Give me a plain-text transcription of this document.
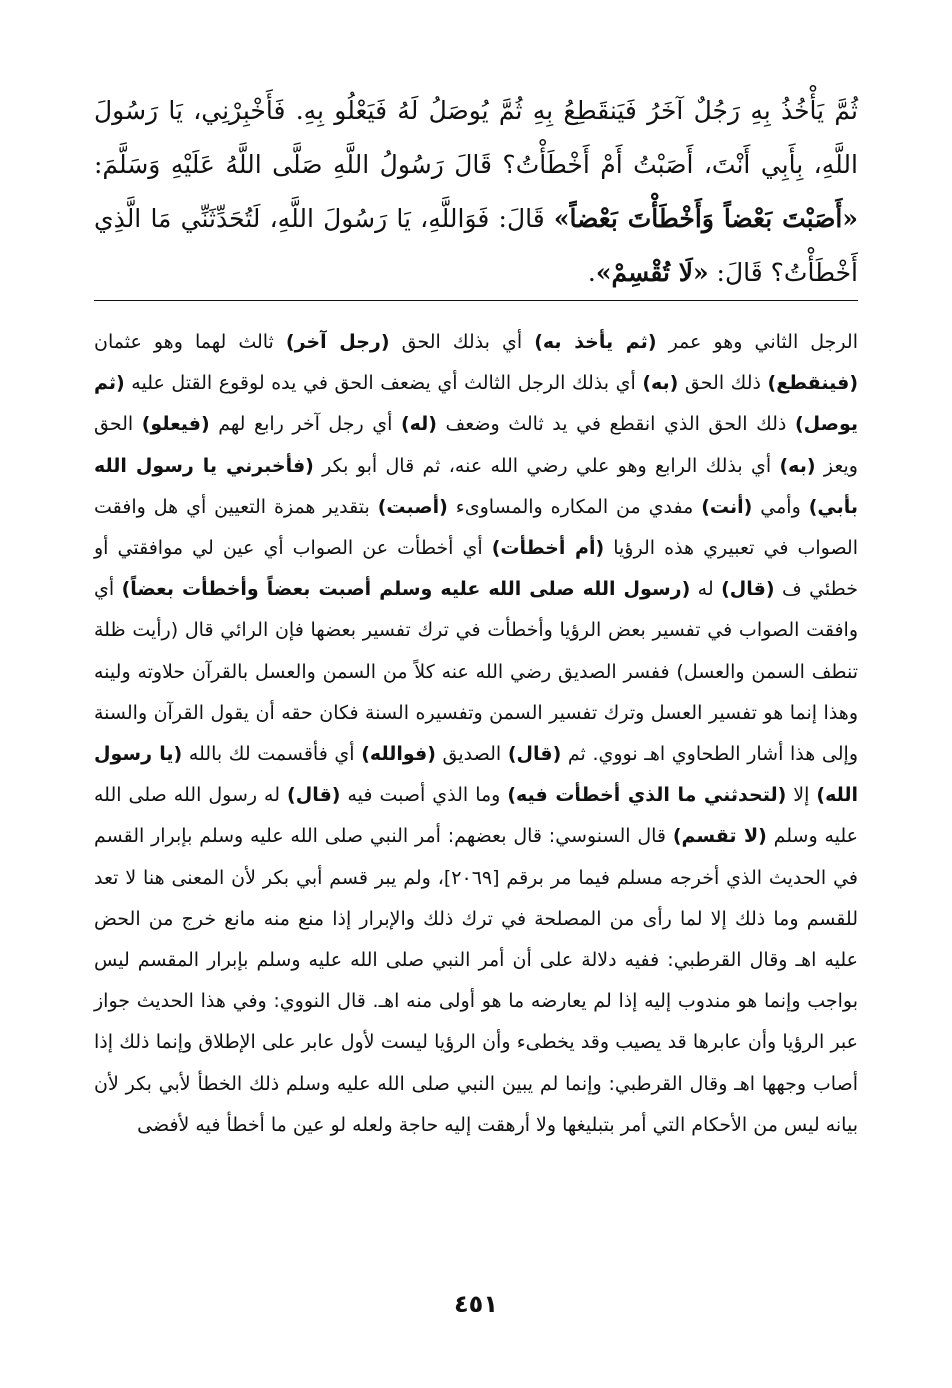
ثُمَّ يَأْخُذُ بِهِ رَجُلٌ آخَرُ فَيَنقَطِعُ بِهِ ثُمَّ يُوصَلُ لَهُ فَيَعْلُو بِهِ. فَأَخْبِرْنِي، يَا رَسُولَ اللَّهِ، بِأَبِي أَنْتَ، أَصَبْتُ أَمْ أَخْطَأْتُ؟ قَالَ رَسُولُ اللَّهِ صَلَّى اللَّهُ عَلَيْهِ وَسَلَّمَ: «أَصَبْتَ بَعْضاً وَأَخْطَأْتَ بَعْضاً» قَالَ: فَوَاللَّهِ، يَا رَسُولَ اللَّهِ، لَتُحَدِّثَنِّي مَا الَّذِي أَخْطَأْتُ؟ قَالَ: «لَا تُقْسِمْ».

الرجل الثاني وهو عمر (ثم يأخذ به) أي بذلك الحق (رجل آخر) ثالث لهما وهو عثمان (فينقطع) ذلك الحق (به) أي بذلك الرجل الثالث أي يضعف الحق في يده لوقوع القتل عليه (ثم يوصل) ذلك الحق الذي انقطع في يد ثالث وضعف (له) أي رجل آخر رابع لهم (فيعلو) الحق ويعز (به) أي بذلك الرابع وهو علي رضي الله عنه، ثم قال أبو بكر (فأخبرني يا رسول الله بأبي) وأمي (أنت) مفدي من المكاره والمساوىء (أصبت) بتقدير همزة التعيين أي هل وافقت الصواب في تعبيري هذه الرؤيا (أم أخطأت) أي أخطأت عن الصواب أي عين لي موافقتي أو خطئي ف (قال) له (رسول الله صلى الله عليه وسلم أصبت بعضاً وأخطأت بعضاً) أي وافقت الصواب في تفسير بعض الرؤيا وأخطأت في ترك تفسير بعضها فإن الرائي قال (رأيت ظلة تنطف السمن والعسل) ففسر الصديق رضي الله عنه كلاً من السمن والعسل بالقرآن حلاوته ولينه وهذا إنما هو تفسير العسل وترك تفسير السمن وتفسيره السنة فكان حقه أن يقول القرآن والسنة وإلى هذا أشار الطحاوي اهـ نووي. ثم (قال) الصديق (فوالله) أي فأقسمت لك بالله (يا رسول الله) إلا (لتحدثني ما الذي أخطأت فيه) وما الذي أصبت فيه (قال) له رسول الله صلى الله عليه وسلم (لا تقسم) قال السنوسي: قال بعضهم: أمر النبي صلى الله عليه وسلم بإبرار القسم في الحديث الذي أخرجه مسلم فيما مر برقم [٢٠٦٩]، ولم يبر قسم أبي بكر لأن المعنى هنا لا تعد للقسم وما ذلك إلا لما رأى من المصلحة في ترك ذلك والإبرار إذا منع منه مانع خرج من الحض عليه اهـ وقال القرطبي: ففيه دلالة على أن أمر النبي صلى الله عليه وسلم بإبرار المقسم ليس بواجب وإنما هو مندوب إليه إذا لم يعارضه ما هو أولى منه اهـ. قال النووي: وفي هذا الحديث جواز عبر الرؤيا وأن عابرها قد يصيب وقد يخطىء وأن الرؤيا ليست لأول عابر على الإطلاق وإنما ذلك إذا أصاب وجهها اهـ وقال القرطبي: وإنما لم يبين النبي صلى الله عليه وسلم ذلك الخطأ لأبي بكر لأن بيانه ليس من الأحكام التي أمر بتبليغها ولا أرهقت إليه حاجة ولعله لو عين ما أخطأ فيه لأفضى

٤٥١
